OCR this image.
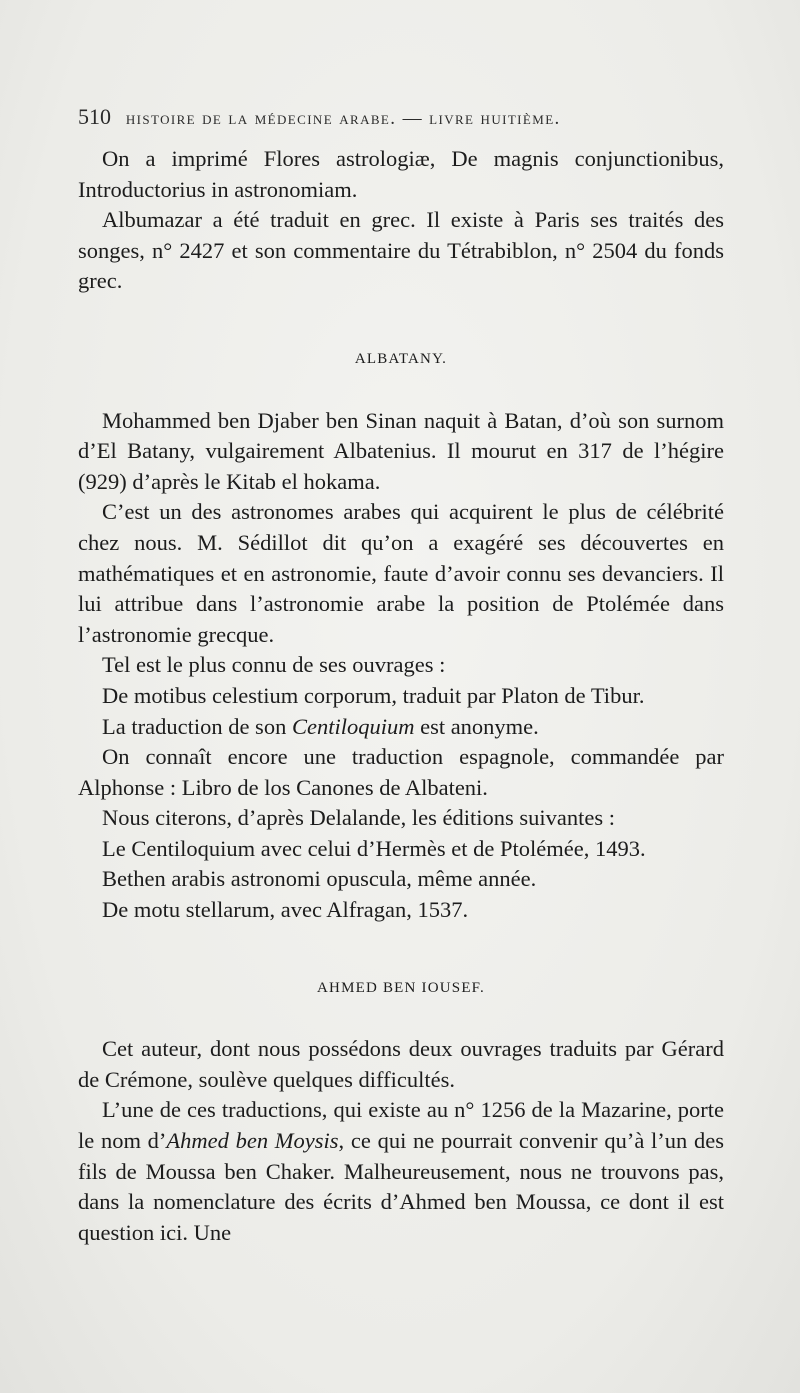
510 histoire de la médecine arabe. — livre huitième.

On a imprimé Flores astrologiæ, De magnis conjunctionibus, Introductorius in astronomiam.

Albumazar a été traduit en grec. Il existe à Paris ses traités des songes, n° 2427 et son commentaire du Tétrabiblon, n° 2504 du fonds grec.

ALBATANY.

Mohammed ben Djaber ben Sinan naquit à Batan, d’où son surnom d’El Batany, vulgairement Albatenius. Il mourut en 317 de l’hégire (929) d’après le Kitab el hokama.

C’est un des astronomes arabes qui acquirent le plus de célébrité chez nous. M. Sédillot dit qu’on a exagéré ses découvertes en mathématiques et en astronomie, faute d’avoir connu ses devanciers. Il lui attribue dans l’astronomie arabe la position de Ptolémée dans l’astronomie grecque.

Tel est le plus connu de ses ouvrages :

De motibus celestium corporum, traduit par Platon de Tibur.

La traduction de son Centiloquium est anonyme.

On connaît encore une traduction espagnole, commandée par Alphonse : Libro de los Canones de Albateni.

Nous citerons, d’après Delalande, les éditions suivantes :

Le Centiloquium avec celui d’Hermès et de Ptolémée, 1493.

Bethen arabis astronomi opuscula, même année.

De motu stellarum, avec Alfragan, 1537.

AHMED BEN IOUSEF.

Cet auteur, dont nous possédons deux ouvrages traduits par Gérard de Crémone, soulève quelques difficultés.

L’une de ces traductions, qui existe au n° 1256 de la Mazarine, porte le nom d’Ahmed ben Moysis, ce qui ne pourrait convenir qu’à l’un des fils de Moussa ben Chaker. Malheureusement, nous ne trouvons pas, dans la nomenclature des écrits d’Ahmed ben Moussa, ce dont il est question ici. Une
